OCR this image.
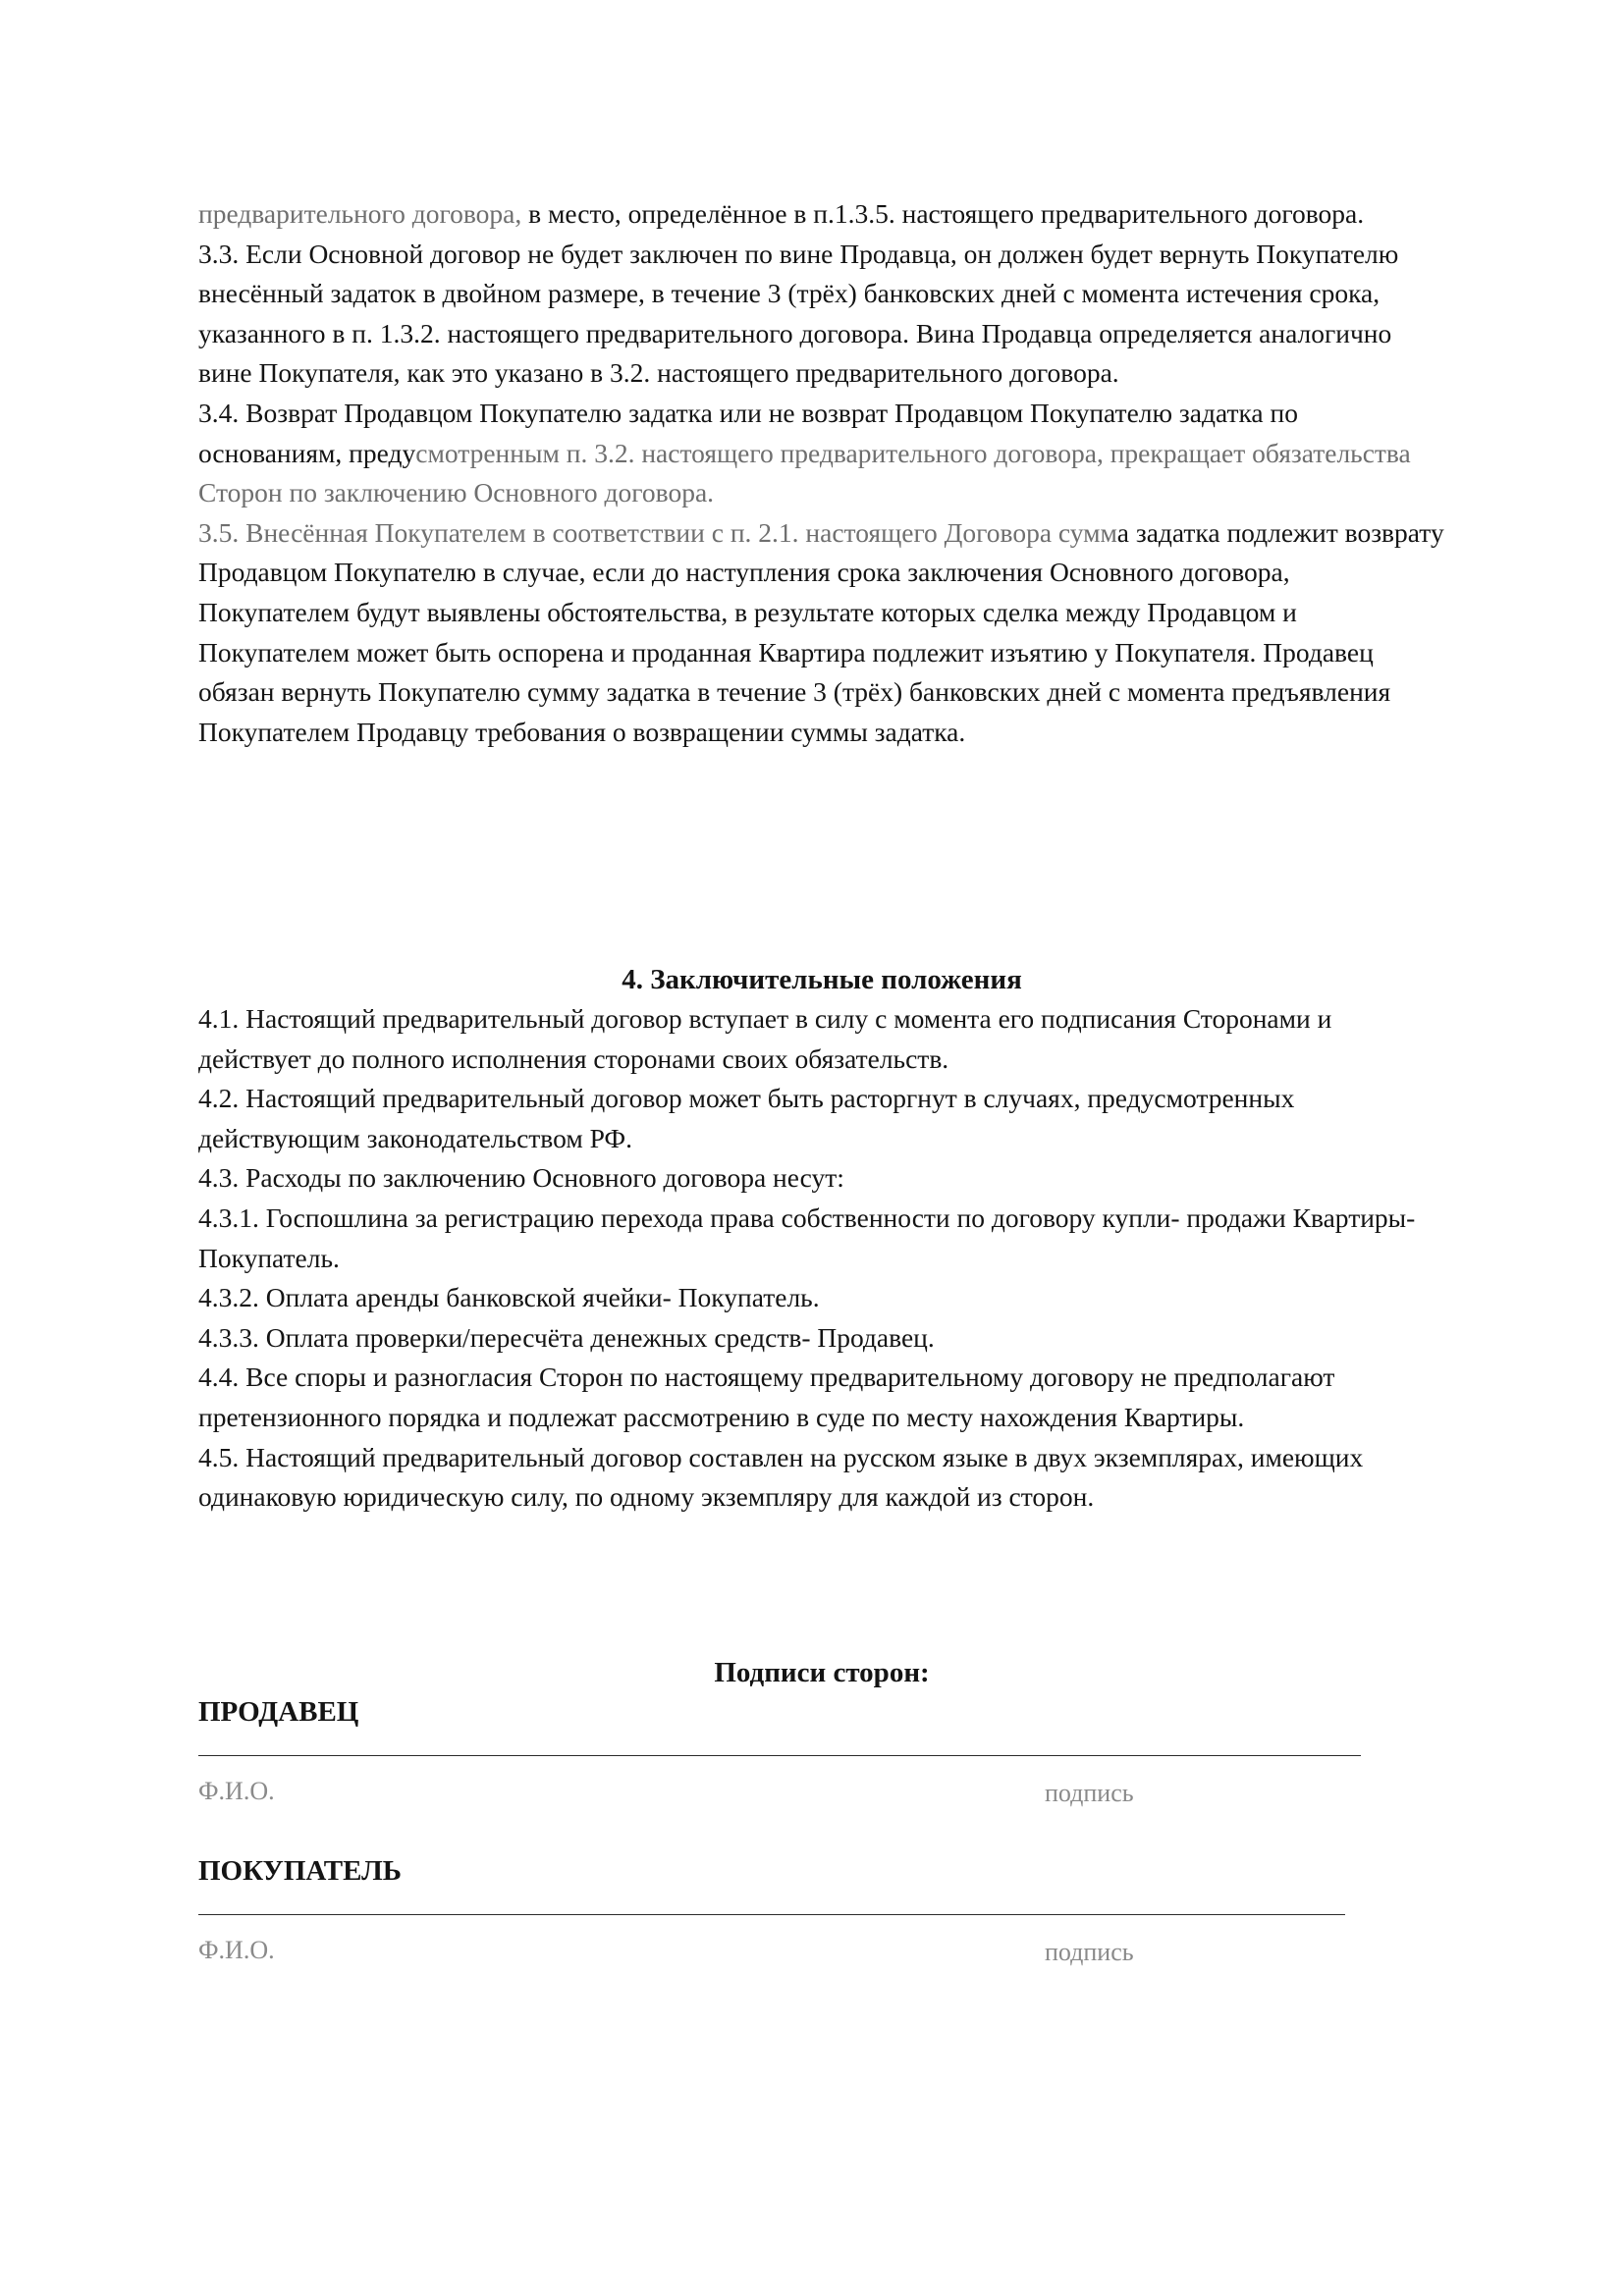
предварительного договора, в место, определённое в п.1.3.5. настоящего предварительного договора.

3.3. Если Основной договор не будет заключен по вине Продавца, он должен будет вернуть Покупателю внесённый задаток в двойном размере, в течение 3 (трёх) банковских дней с момента истечения срока, указанного в п. 1.3.2. настоящего предварительного договора. Вина Продавца определяется аналогично вине Покупателя, как это указано в 3.2. настоящего предварительного договора.

3.4. Возврат Продавцом Покупателю задатка или не возврат Продавцом Покупателю задатка по основаниям, предусмотренным п. 3.2. настоящего предварительного договора, прекращает обязательства Сторон по заключению Основного договора.

3.5. Внесённая Покупателем в соответствии с п. 2.1. настоящего Договора сумма задатка подлежит возврату Продавцом Покупателю в случае, если до наступления срока заключения Основного договора, Покупателем будут выявлены обстоятельства, в результате которых сделка между Продавцом и Покупателем может быть оспорена и проданная Квартира подлежит изъятию у Покупателя. Продавец обязан вернуть Покупателю сумму задатка в течение 3 (трёх) банковских дней с момента предъявления Покупателем Продавцу требования о возвращении суммы задатка.

4. Заключительные положения

4.1. Настоящий предварительный договор вступает в силу с момента его подписания Сторонами и действует до полного исполнения сторонами своих обязательств.

4.2. Настоящий предварительный договор может быть расторгнут в случаях, предусмотренных действующим законодательством РФ.

4.3. Расходы по заключению Основного договора несут:

4.3.1. Госпошлина за регистрацию перехода права собственности по договору купли- продажи Квартиры- Покупатель.

4.3.2. Оплата аренды банковской ячейки- Покупатель.

4.3.3. Оплата проверки/пересчёта денежных средств- Продавец.

4.4. Все споры и разногласия Сторон по настоящему предварительному договору не предполагают претензионного порядка и подлежат рассмотрению в суде по месту нахождения Квартиры.

4.5. Настоящий предварительный договор составлен на русском языке в двух экземплярах, имеющих одинаковую юридическую силу, по одному экземпляру для каждой из сторон.

Подписи сторон:
ПРОДАВЕЦ
Ф.И.О.	подпись
ПОКУПАТЕЛЬ
Ф.И.О.	подпись
